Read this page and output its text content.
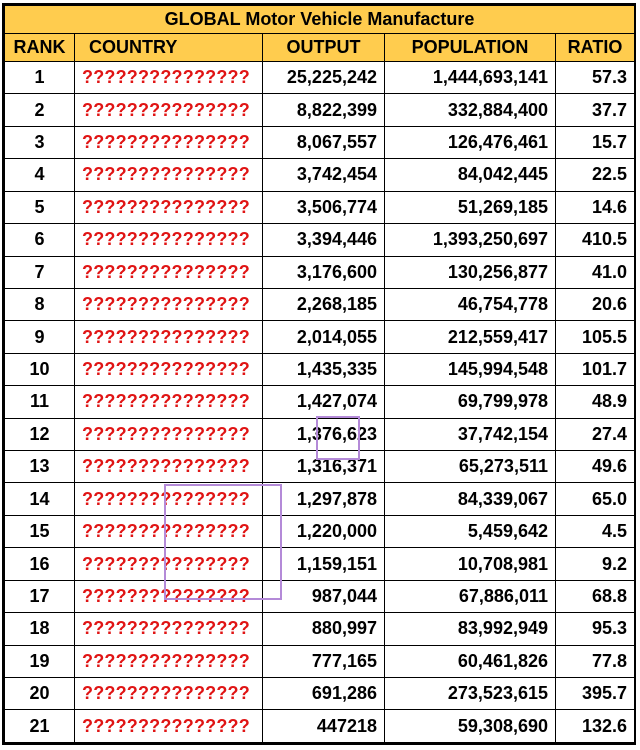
GLOBAL Motor Vehicle Manufacture				
RANK	COUNTRY	OUTPUT	POPULATION	RATIO
1	???????????????	25,225,242	1,444,693,141	57.3
2	???????????????	8,822,399	332,884,400	37.7
3	???????????????	8,067,557	126,476,461	15.7
4	???????????????	3,742,454	84,042,445	22.5
5	???????????????	3,506,774	51,269,185	14.6
6	???????????????	3,394,446	1,393,250,697	410.5
7	???????????????	3,176,600	130,256,877	41.0
8	???????????????	2,268,185	46,754,778	20.6
9	???????????????	2,014,055	212,559,417	105.5
10	???????????????	1,435,335	145,994,548	101.7
11	???????????????	1,427,074	69,799,978	48.9
12	???????????????	1,376,623	37,742,154	27.4
13	???????????????	1,316,371	65,273,511	49.6
14	???????????????	1,297,878	84,339,067	65.0
15	???????????????	1,220,000	5,459,642	4.5
16	???????????????	1,159,151	10,708,981	9.2
17	???????????????	987,044	67,886,011	68.8
18	???????????????	880,997	83,992,949	95.3
19	???????????????	777,165	60,461,826	77.8
20	???????????????	691,286	273,523,615	395.7
21	???????????????	447218	59,308,690	132.6
